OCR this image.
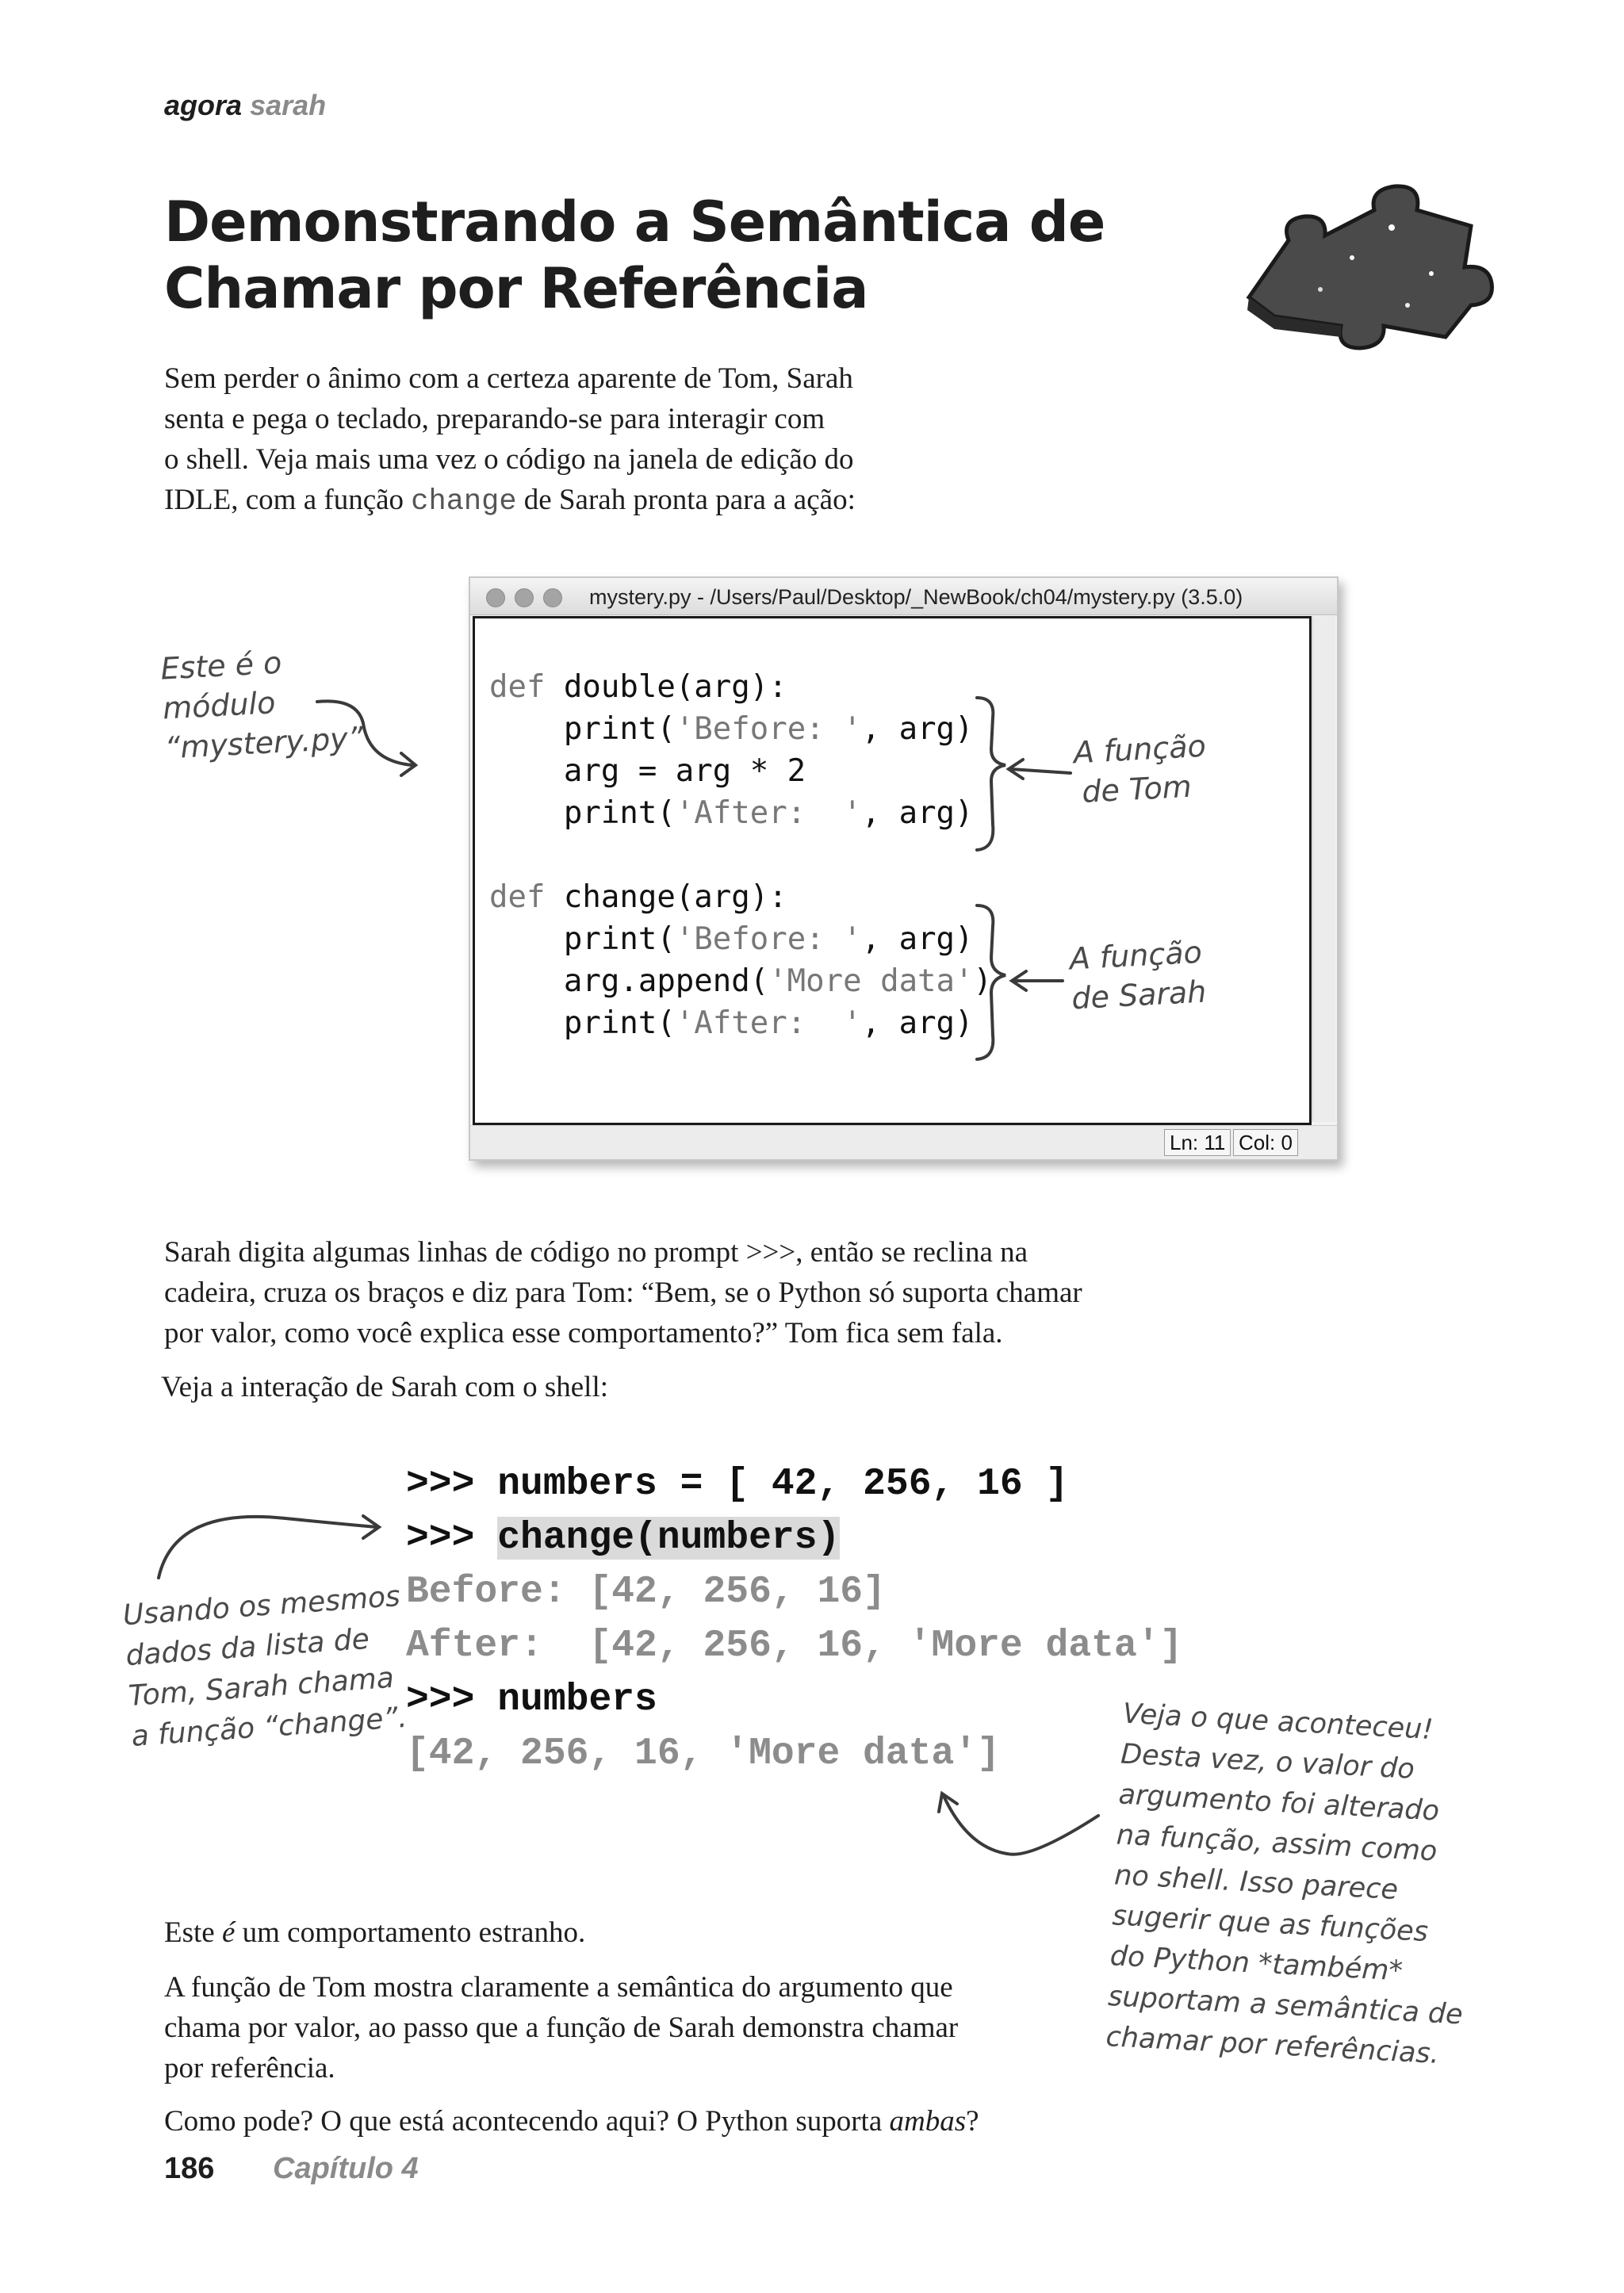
agora sarah
Demonstrando a Semântica de
Chamar por Referência
Sem perder o ânimo com a certeza aparente de Tom, Sarah
senta e pega o teclado, preparando-se para interagir com
o shell. Veja mais uma vez o código na janela de edição do
IDLE, com a função change de Sarah pronta para a ação:
mystery.py - /Users/Paul/Desktop/_NewBook/ch04/mystery.py (3.5.0)
def double(arg):
print('Before: ', arg)
arg = arg * 2
print('After:  ', arg)
def change(arg):
print('Before: ', arg)
arg.append('More data')
print('After:  ', arg)
Ln: 11 Col: 0
Este é o
módulo
“mystery.py”	A função
de Tom
A função
de Sarah
Sarah digita algumas linhas de código no prompt >>>, então se reclina na
cadeira, cruza os braços e diz para Tom: “Bem, se o Python só suporta chamar
por valor, como você explica esse comportamento?” Tom fica sem fala.
Veja a interação de Sarah com o shell:
>>> numbers = [ 42, 256, 16 ]
>>> change(numbers)
Before: [42, 256, 16]
After:  [42, 256, 16, 'More data']
>>> numbers
[42, 256, 16, 'More data']
Usando os mesmos
dados da lista de
Tom, Sarah chama
a função “change”.	Veja o que aconteceu!
Desta vez, o valor do
argumento foi alterado
na função, assim como
no shell. Isso parece
sugerir que as funções
do Python *também*
suportam a semântica de
chamar por referências.
Este é um comportamento estranho.
A função de Tom mostra claramente a semântica do argumento que
chama por valor, ao passo que a função de Sarah demonstra chamar
por referência.
Como pode? O que está acontecendo aqui? O Python suporta ambas?
186 Capítulo 4
